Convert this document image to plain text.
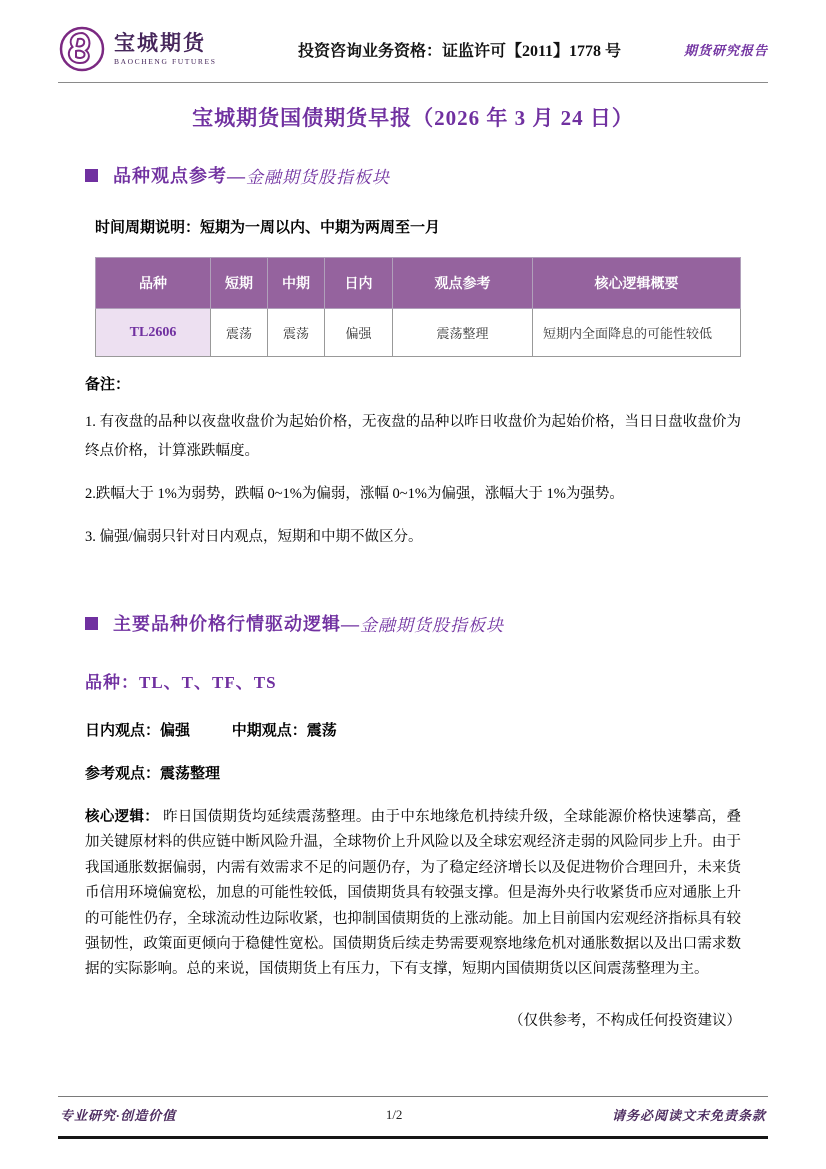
宝城期货
BAOCHENG FUTURES
投资咨询业务资格：证监许可【2011】1778 号	期货研究报告
宝城期货国债期货早报（2026 年 3 月 24 日）
品种观点参考— 金融期货股指板块

时间周期说明：短期为一周以内、中期为两周至一月

品种	短期	中期	日内	观点参考	核心逻辑概要
TL2606	震荡	震荡	偏强	震荡整理	短期内全面降息的可能性较低

备注：

1. 有夜盘的品种以夜盘收盘价为起始价格，无夜盘的品种以昨日收盘价为起始价格，当日日盘收盘价为终点价格，计算涨跌幅度。

2.跌幅大于 1%为弱势，跌幅 0~1%为偏弱，涨幅 0~1%为偏强，涨幅大于 1%为强势。

3. 偏强/偏弱只针对日内观点，短期和中期不做区分。

主要品种价格行情驱动逻辑— 金融期货股指板块

品种：TL、T、TF、TS

日内观点：偏强	中期观点：震荡

参考观点：震荡整理

核心逻辑： 昨日国债期货均延续震荡整理。由于中东地缘危机持续升级，全球能源价格快速攀高，叠加关键原材料的供应链中断风险升温，全球物价上升风险以及全球宏观经济走弱的风险同步上升。由于我国通胀数据偏弱，内需有效需求不足的问题仍存，为了稳定经济增长以及促进物价合理回升，未来货币信用环境偏宽松，加息的可能性较低，国债期货具有较强支撑。但是海外央行收紧货币应对通胀上升的可能性仍存，全球流动性边际收紧，也抑制国债期货的上涨动能。加上目前国内宏观经济指标具有较强韧性，政策面更倾向于稳健性宽松。国债期货后续走势需要观察地缘危机对通胀数据以及出口需求数据的实际影响。总的来说，国债期货上有压力，下有支撑，短期内国债期货以区间震荡整理为主。

（仅供参考，不构成任何投资建议）

专业研究·创造价值	1/2	请务必阅读文末免责条款
